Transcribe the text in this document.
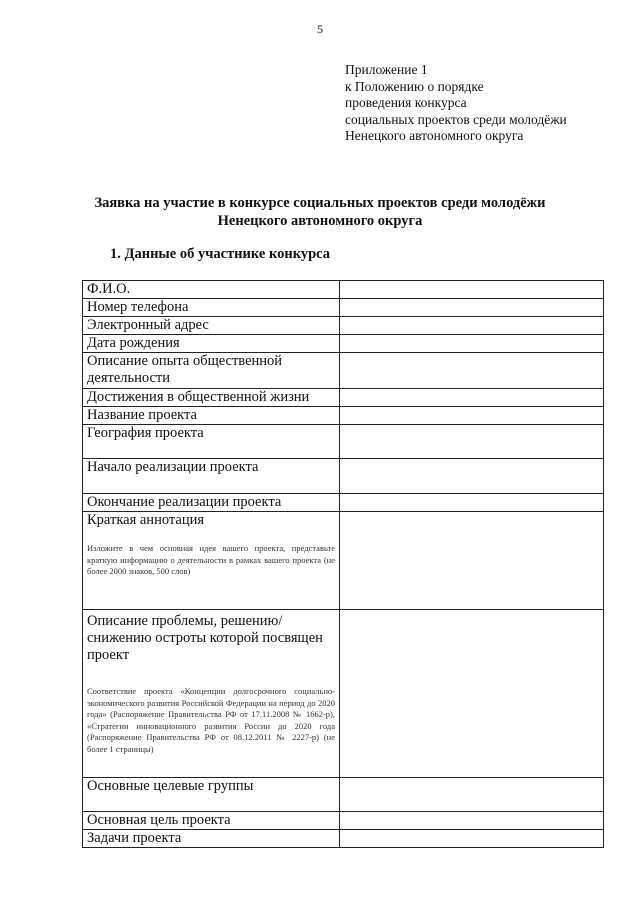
5
Приложение 1
к Положению о порядке
проведения конкурса
социальных проектов среди молодёжи
Ненецкого автономного округа
Заявка на участие в конкурсе социальных проектов среди молодёжи
Ненецкого автономного округа
1. Данные об участнике конкурса
Ф.И.О.	
Номер телефона	
Электронный адрес	
Дата рождения	
Описание опыта общественной деятельности	
Достижения в общественной жизни	
Название проекта	
География проекта	
Начало реализации проекта	
Окончание реализации проекта	

Краткая аннотация
Изложите в чем основная идея вашего проекта, представьте краткую информацию о деятельности в рамках вашего проекта (не более 2000 знаков, 500 слов)	

Описание проблемы, решению/снижению остроты которой посвящен проект
Соответствие проекта «Концепции долгосрочного социально-экономического развития Российской Федерации на период до 2020 года» (Распоряжение Правительства РФ от 17.11.2008 № 1662-р), «Стратегии инновационного развития России до 2020 года (Распоряжение Правительства РФ от 08.12.2011 № 2227-р) (не более 1 страницы)	

Основные целевые группы	
Основная цель проекта	
Задачи проекта	
